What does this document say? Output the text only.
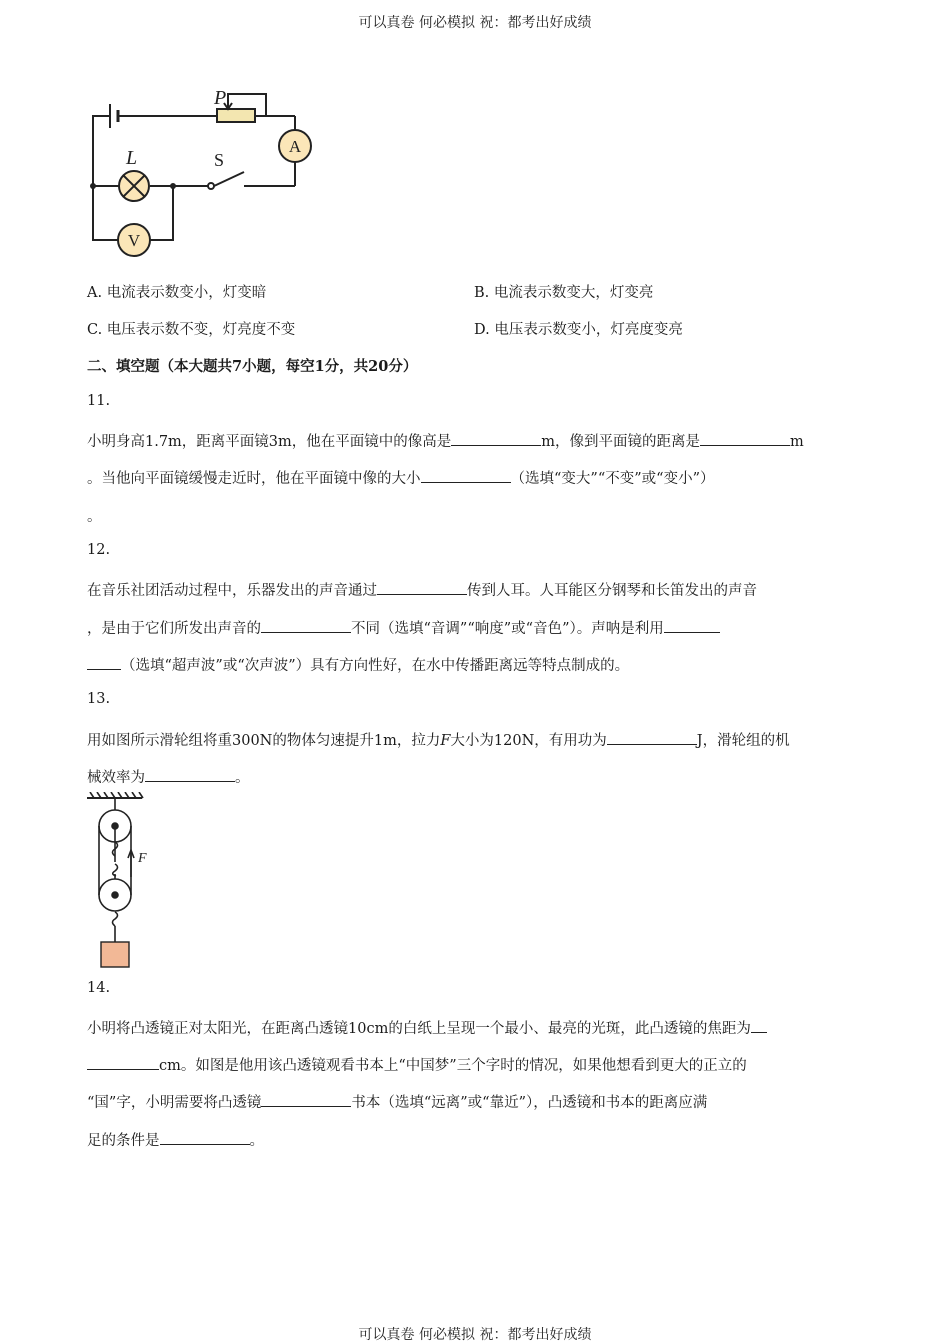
可以真卷 何必模拟 祝：都考出好成绩
P
L	S
A
V
A. 电流表示数变小，灯变暗	B. 电流表示数变大，灯变亮
C. 电压表示数不变，灯亮度不变	D. 电压表示数变小，灯亮度变亮
二、填空题（本大题共7小题，每空1分，共20分）
11.
小明身高1.7m，距离平面镜3m，他在平面镜中的像高是	m，像到平面镜的距离是	m
。当他向平面镜缓慢走近时，他在平面镜中像的大小	（选填“变大”“不变”或“变小”）
。
12.
在音乐社团活动过程中，乐器发出的声音通过	传到人耳。人耳能区分钢琴和长笛发出的声音
，是由于它们所发出声音的	不同（选填“音调”“响度”或“音色”）。声呐是利用
（选填“超声波”或“次声波”）具有方向性好，在水中传播距离远等特点制成的。
13.
用如图所示滑轮组将重300N的物体匀速提升1m，拉力F大小为120N，有用功为	J，滑轮组的机
械效率为	。
F
14.
小明将凸透镜正对太阳光，在距离凸透镜10cm的白纸上呈现一个最小、最亮的光斑，此凸透镜的焦距为
cm。如图是他用该凸透镜观看书本上“中国梦”三个字时的情况，如果他想看到更大的正立的
“国”字，小明需要将凸透镜	书本（选填“远离”或“靠近”），凸透镜和书本的距离应满
足的条件是	。
可以真卷 何必模拟 祝：都考出好成绩
